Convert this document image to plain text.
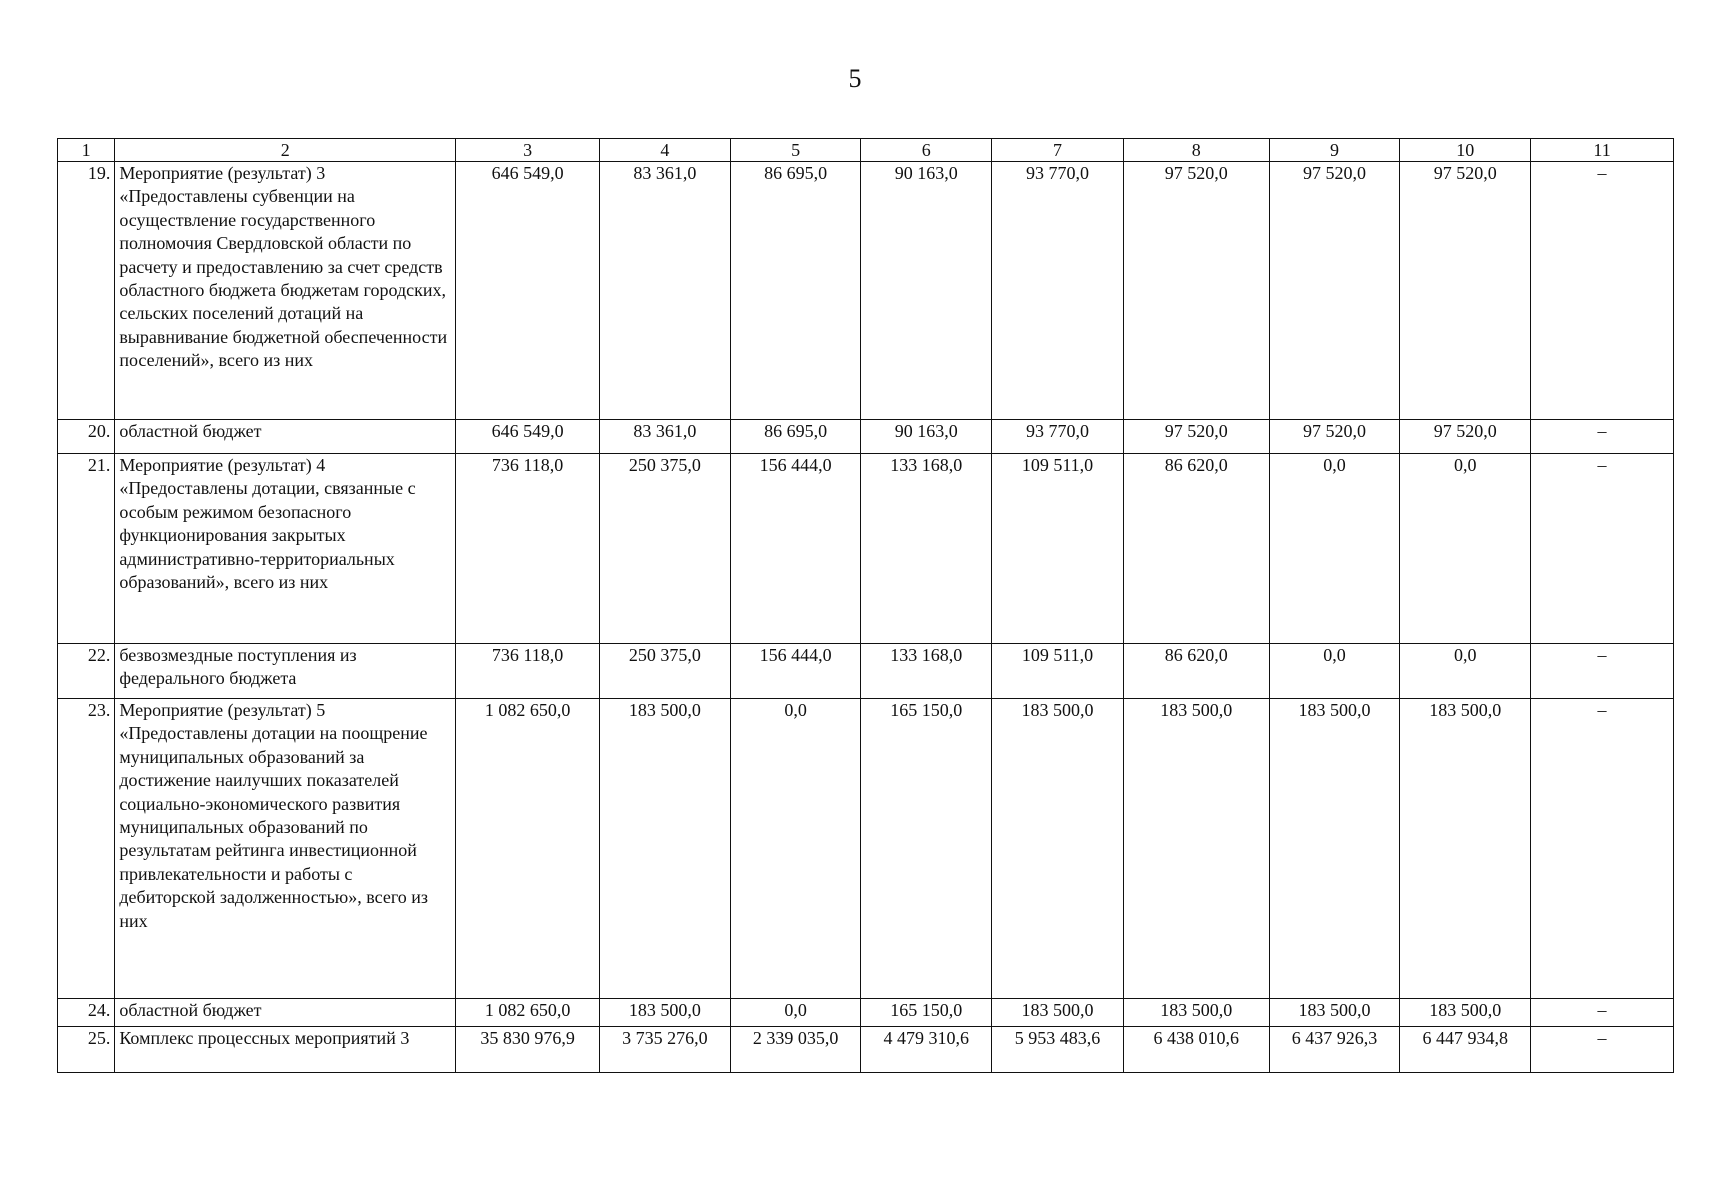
5
1	2	3	4	5	6	7	8	9	10	11
19.	Мероприятие (результат) 3 «Предоставлены субвенции на осуществление государственного полномочия Свердловской области по расчету и предоставлению за счет средств областного бюджета бюджетам городских, сельских поселений дотаций на выравнивание бюджетной обеспеченности поселений», всего из них	646 549,0	83 361,0	86 695,0	90 163,0	93 770,0	97 520,0	97 520,0	97 520,0	–
20.	областной бюджет	646 549,0	83 361,0	86 695,0	90 163,0	93 770,0	97 520,0	97 520,0	97 520,0	–
21.	Мероприятие (результат) 4 «Предоставлены дотации, связанные с особым режимом безопасного функционирования закрытых административно-территориальных образований», всего из них	736 118,0	250 375,0	156 444,0	133 168,0	109 511,0	86 620,0	0,0	0,0	–
22.	безвозмездные поступления из федерального бюджета	736 118,0	250 375,0	156 444,0	133 168,0	109 511,0	86 620,0	0,0	0,0	–
23.	Мероприятие (результат) 5 «Предоставлены дотации на поощрение муниципальных образований за достижение наилучших показателей социально-экономического развития муниципальных образований по результатам рейтинга инвестиционной привлекательности и работы с дебиторской задолженностью», всего из них	1 082 650,0	183 500,0	0,0	165 150,0	183 500,0	183 500,0	183 500,0	183 500,0	–
24.	областной бюджет	1 082 650,0	183 500,0	0,0	165 150,0	183 500,0	183 500,0	183 500,0	183 500,0	–
25.	Комплекс процессных мероприятий 3	35 830 976,9	3 735 276,0	2 339 035,0	4 479 310,6	5 953 483,6	6 438 010,6	6 437 926,3	6 447 934,8	–
